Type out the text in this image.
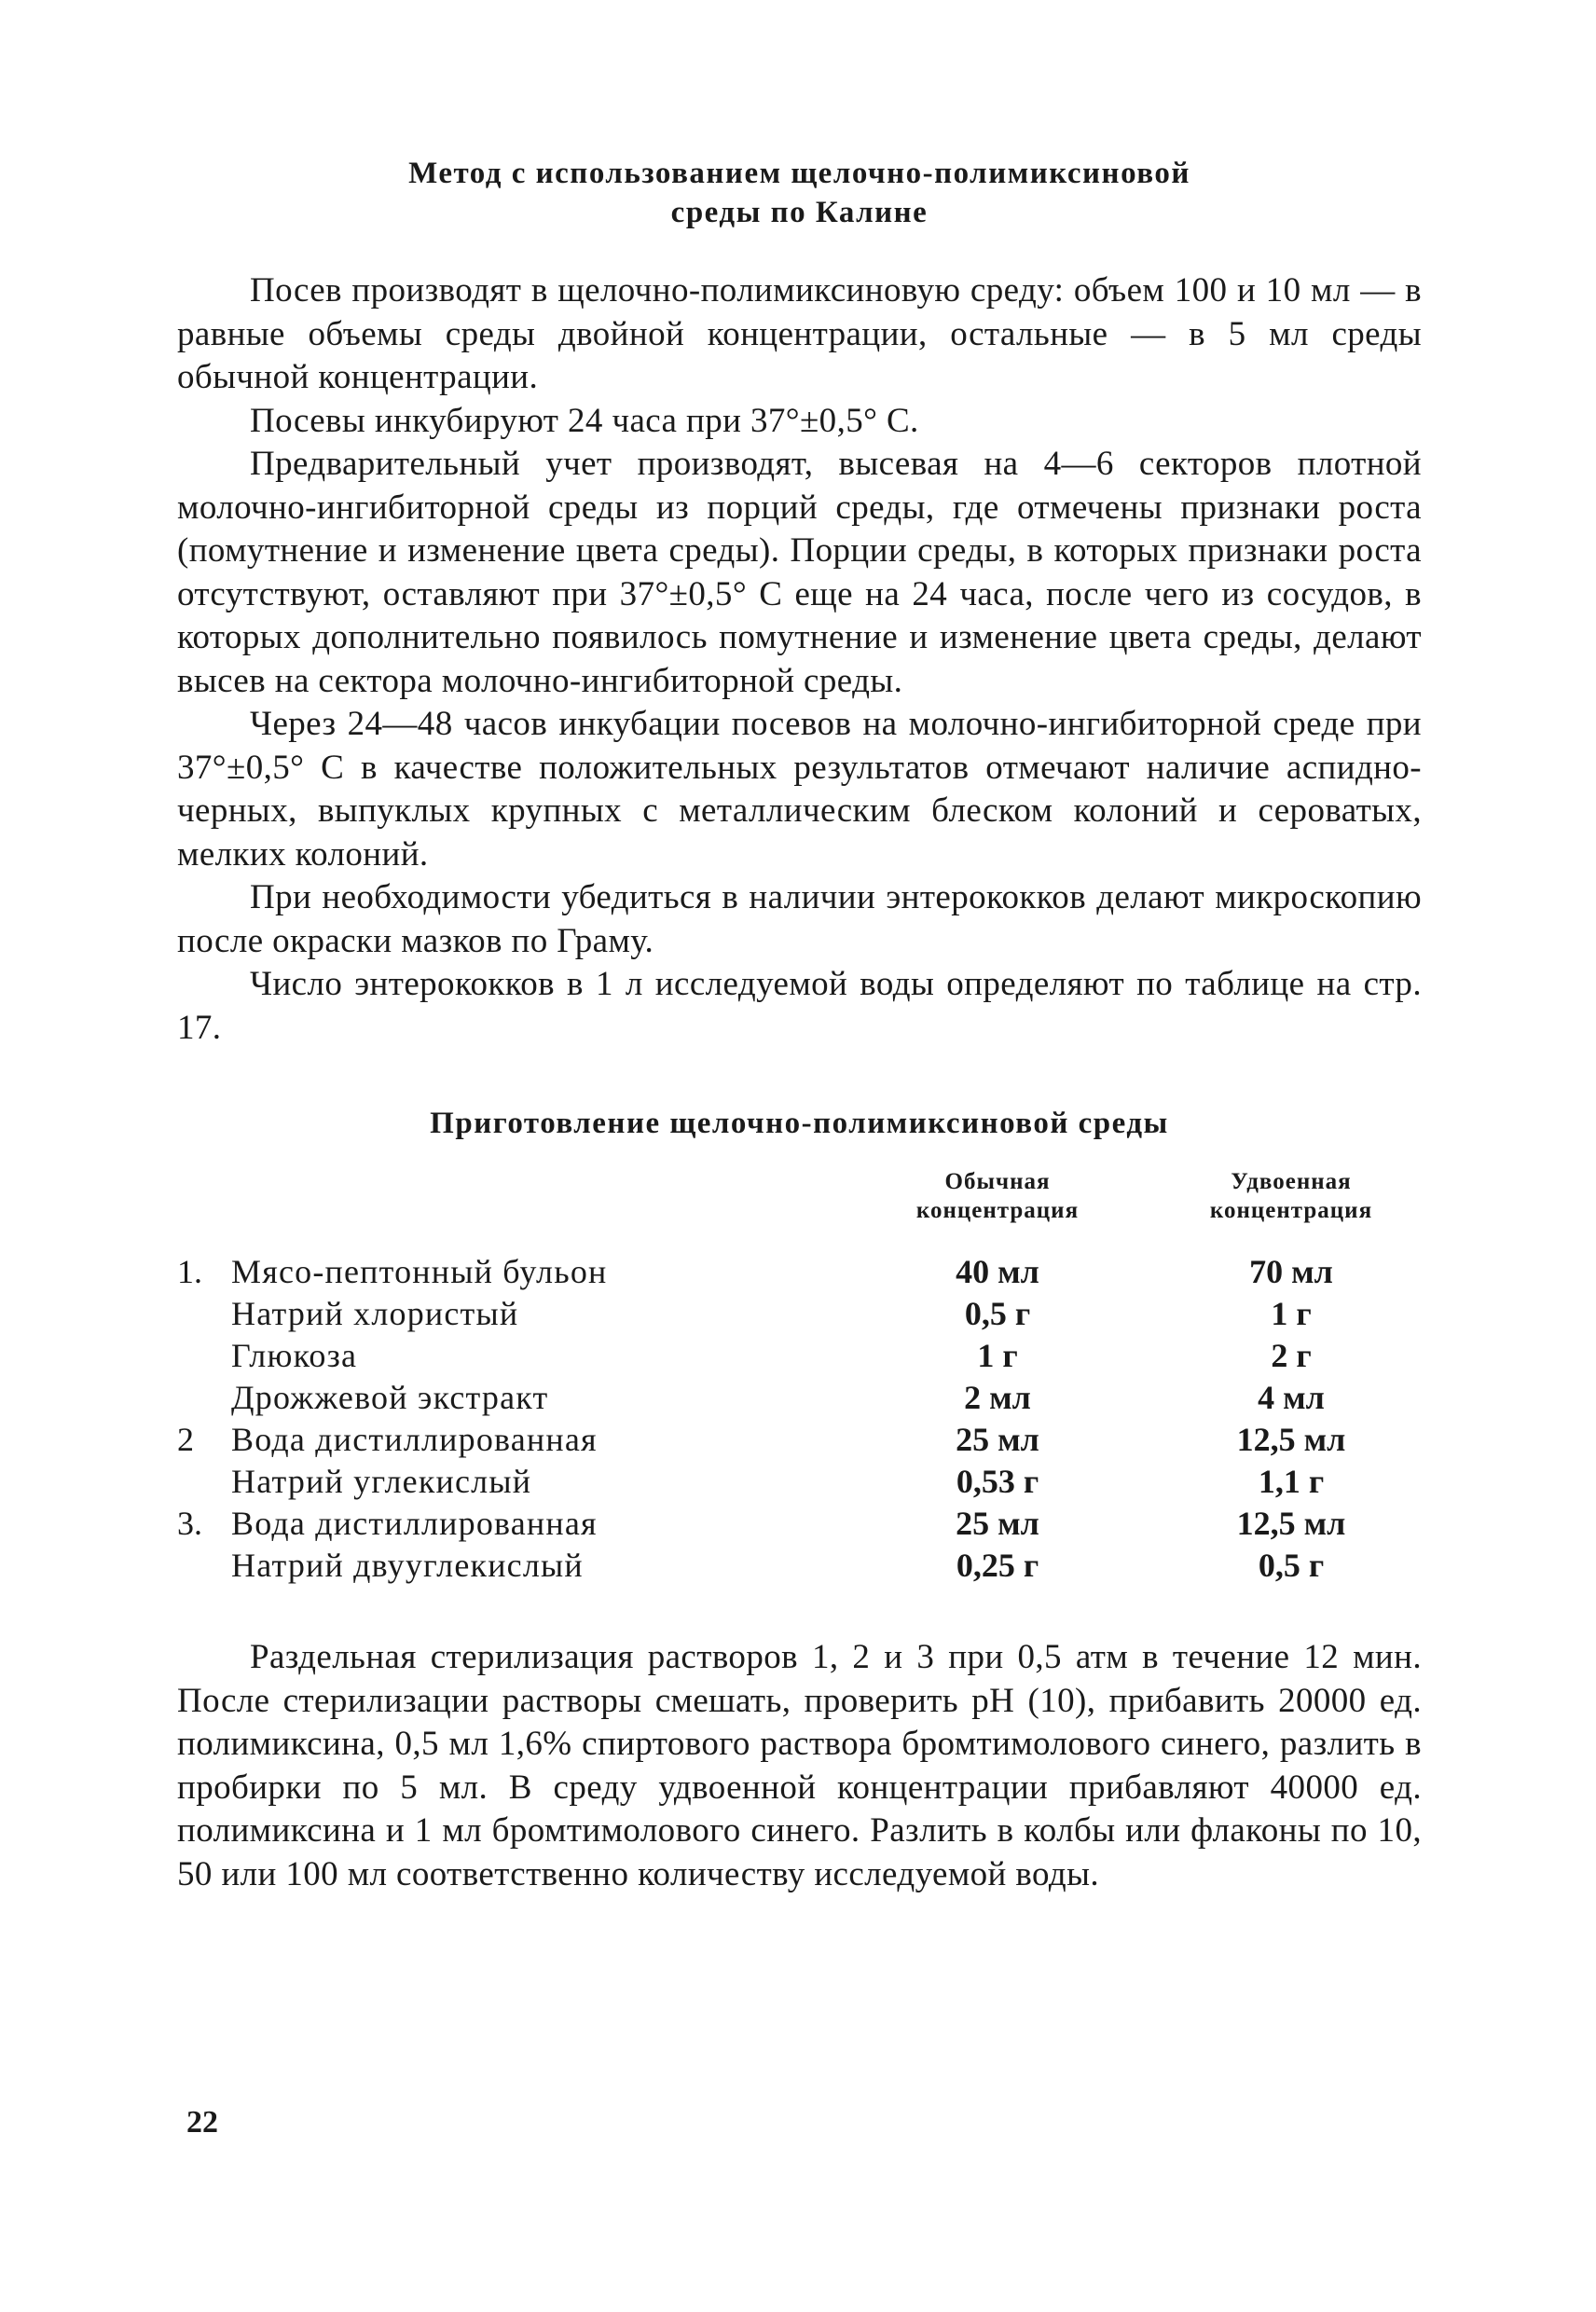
Метод с использованием щелочно-полимиксиновой
среды по Калине

Посев производят в щелочно-полимиксиновую среду: объем 100 и 10 мл — в равные объемы среды двойной концентрации, остальные — в 5 мл среды обычной концентрации.

Посевы инкубируют 24 часа при 37°±0,5° С.

Предварительный учет производят, высевая на 4—6 секторов плотной молочно-ингибиторной среды из порций среды, где отмечены признаки роста (помутнение и изменение цвета среды). Порции среды, в которых признаки роста отсутствуют, оставляют при 37°±0,5° С еще на 24 часа, после чего из сосудов, в которых дополнительно появилось помутнение и изменение цвета среды, делают высев на сектора молочно-ингибиторной среды.

Через 24—48 часов инкубации посевов на молочно-ингибиторной среде при 37°±0,5° С в качестве положительных результатов отмечают наличие аспидно-черных, выпуклых крупных с металлическим блеском колоний и сероватых, мелких колоний.

При необходимости убедиться в наличии энтерококков делают микроскопию после окраски мазков по Граму.

Число энтерококков в 1 л исследуемой воды определяют по таблице на стр. 17.

Приготовление щелочно-полимиксиновой среды
Обычная
концентрация
Удвоенная
концентрация
1. Мясо-пептонный бульон	40 мл	70 мл
Натрий хлористый	0,5 г	1 г
Глюкоза	1 г	2 г
Дрожжевой экстракт	2 мл	4 мл
2	Вода дистиллированная	25 мл	12,5 мл
Натрий углекислый	0,53 г	1,1 г
3. Вода дистиллированная	25 мл	12,5 мл
Натрий двууглекислый	0,25 г	0,5 г

Раздельная стерилизация растворов 1, 2 и 3 при 0,5 атм в течение 12 мин. После стерилизации растворы смешать, проверить рН (10), прибавить 20000 ед. полимиксина, 0,5 мл 1,6% спиртового раствора бромтимолового синего, разлить в пробирки по 5 мл. В среду удвоенной концентрации прибавляют 40000 ед. полимиксина и 1 мл бромтимолового синего. Разлить в колбы или флаконы по 10, 50 или 100 мл соответственно количеству исследуемой воды.

22
